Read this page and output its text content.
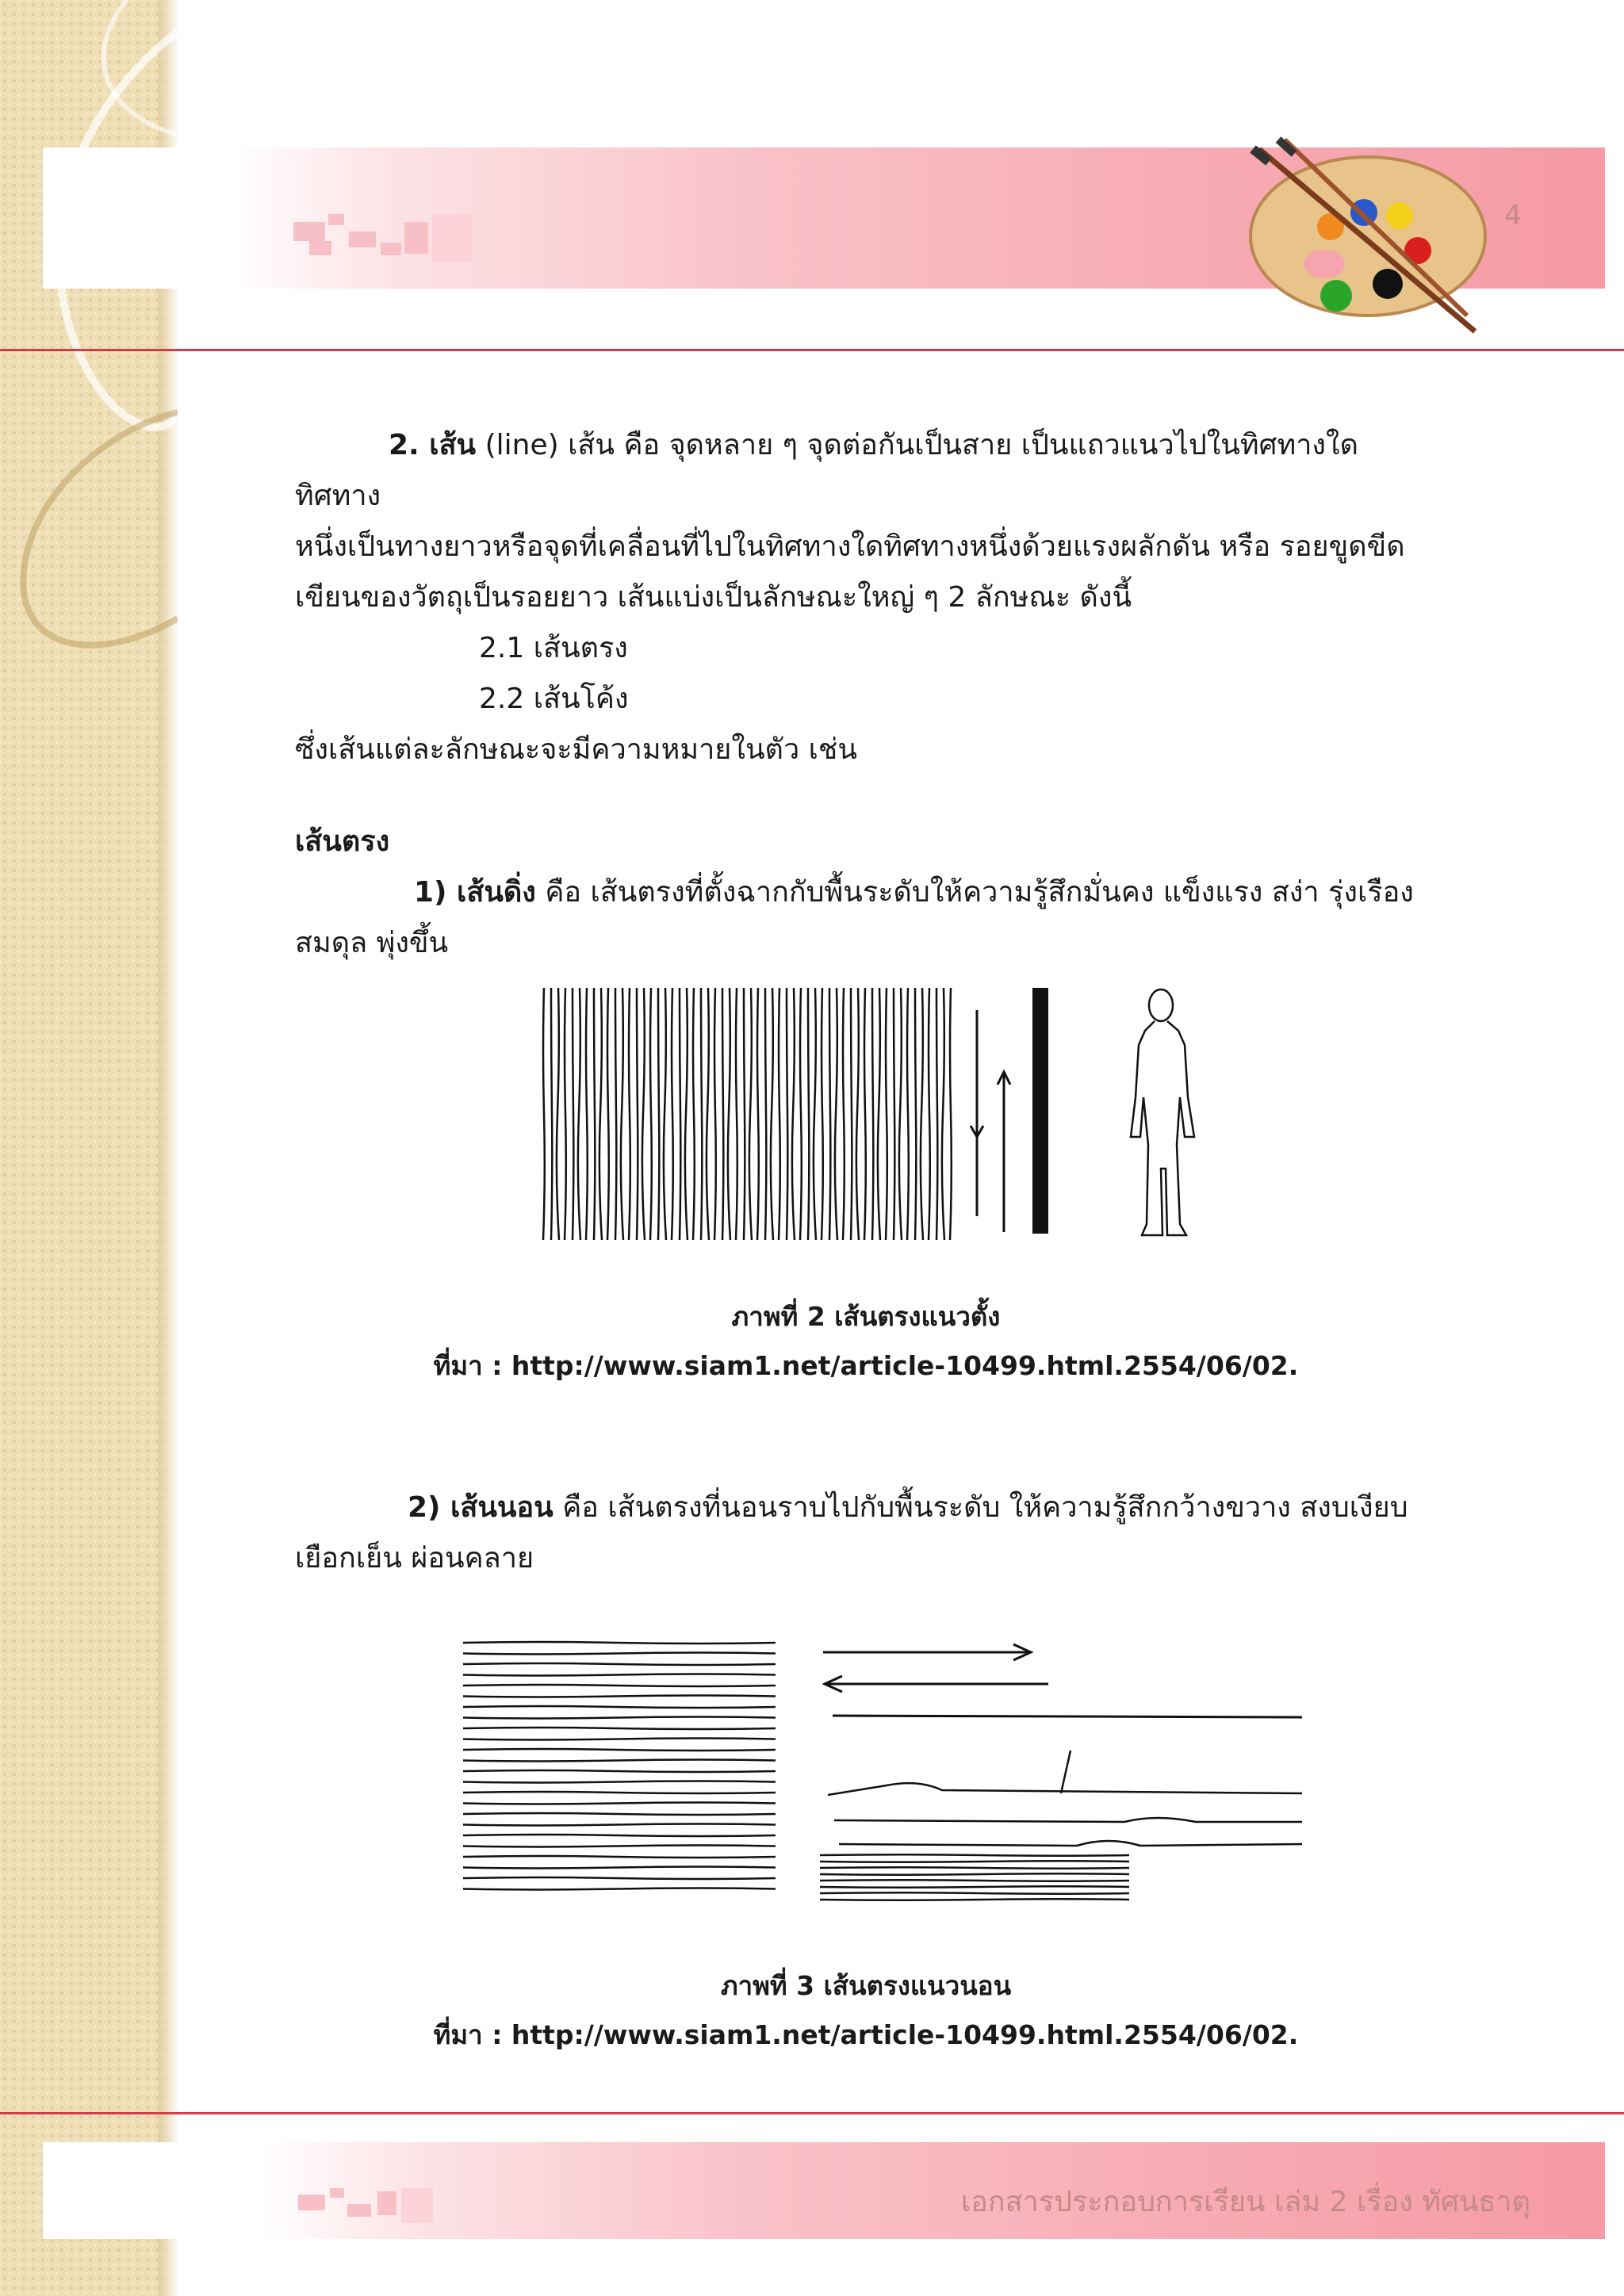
4

2. เส้น (line) เส้น คือ จุดหลาย ๆ จุดต่อกันเป็นสาย เป็นแถวแนวไปในทิศทางใดทิศทาง

หนึ่งเป็นทางยาวหรือจุดที่เคลื่อนที่ไปในทิศทางใดทิศทางหนึ่งด้วยแรงผลักดัน หรือ รอยขูดขีด

เขียนของวัตถุเป็นรอยยาว เส้นแบ่งเป็นลักษณะใหญ่ ๆ 2 ลักษณะ ดังนี้

2.1 เส้นตรง

2.2 เส้นโค้ง

ซึ่งเส้นแต่ละลักษณะจะมีความหมายในตัว เช่น

เส้นตรง

1) เส้นดิ่ง คือ เส้นตรงที่ตั้งฉากกับพื้นระดับให้ความรู้สึกมั่นคง แข็งแรง สง่า รุ่งเรือง

สมดุล พุ่งขึ้น

ภาพที่ 2 เส้นตรงแนวตั้ง

ที่มา : http://www.siam1.net/article-10499.html.2554/06/02.

2) เส้นนอน คือ เส้นตรงที่นอนราบไปกับพื้นระดับ ให้ความรู้สึกกว้างขวาง สงบเงียบ

เยือกเย็น ผ่อนคลาย

ภาพที่ 3 เส้นตรงแนวนอน

ที่มา : http://www.siam1.net/article-10499.html.2554/06/02.

เอกสารประกอบการเรียน เล่ม 2 เรื่อง ทัศนธาตุ
